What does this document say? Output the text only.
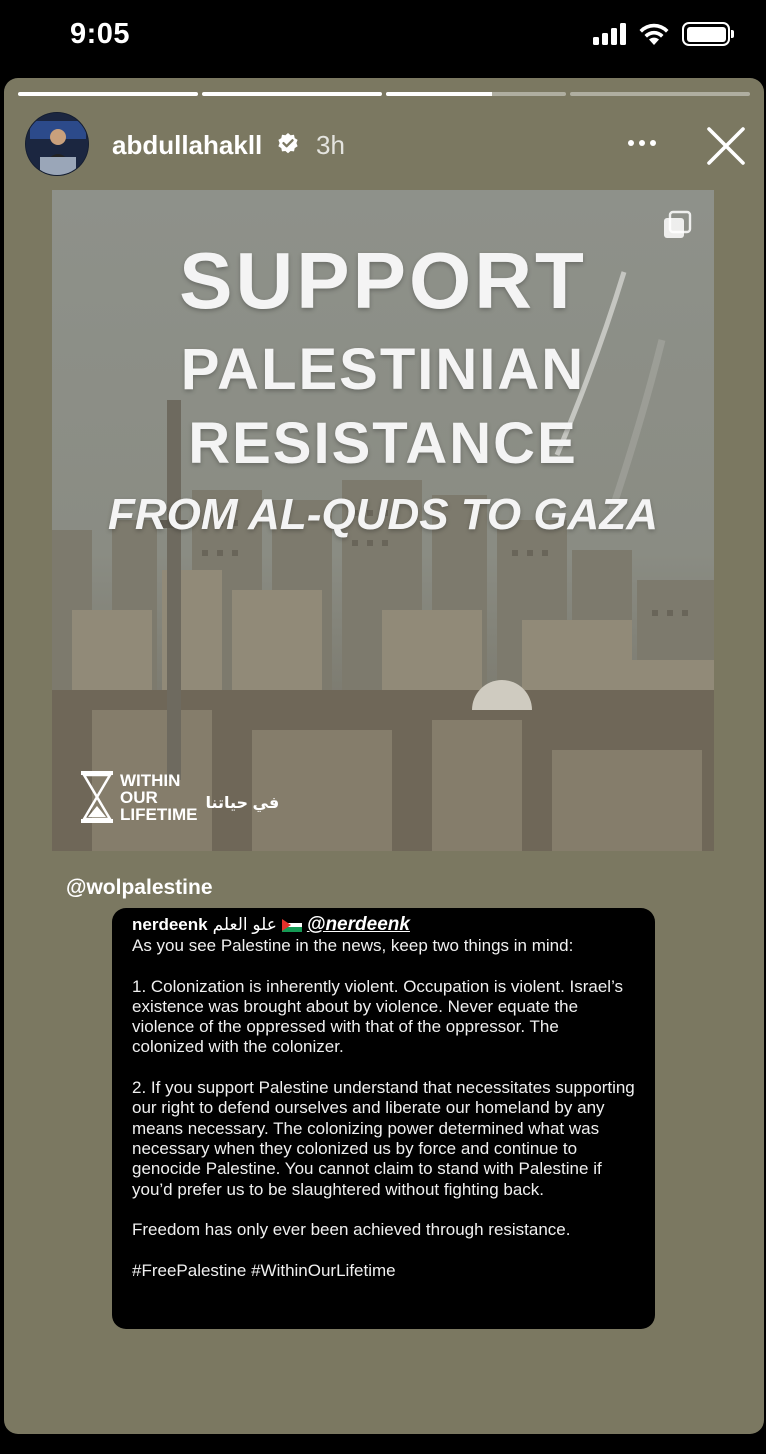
9:05
abdullahakll 3h
SUPPORT
PALESTINIAN
RESISTANCE
FROM AL-QUDS TO GAZA
WITHIN
OUR
LIFETIME
في حياتنا
@wolpalestine
nerdeenk علو العلم @nerdeenk
As you see Palestine in the news, keep two things in mind:

1. Colonization is inherently violent. Occupation is violent. Israel’s existence was brought about by violence. Never equate the violence of the oppressed with that of the oppressor. The colonized with the colonizer.

2. If you support Palestine understand that necessitates supporting our right to defend ourselves and liberate our homeland by any means necessary. The colonizing power determined what was necessary when they colonized us by force and continue to genocide Palestine. You cannot claim to stand with Palestine if you’d prefer us to be slaughtered without fighting back.

Freedom has only ever been achieved through resistance.

#FreePalestine #WithinOurLifetime
